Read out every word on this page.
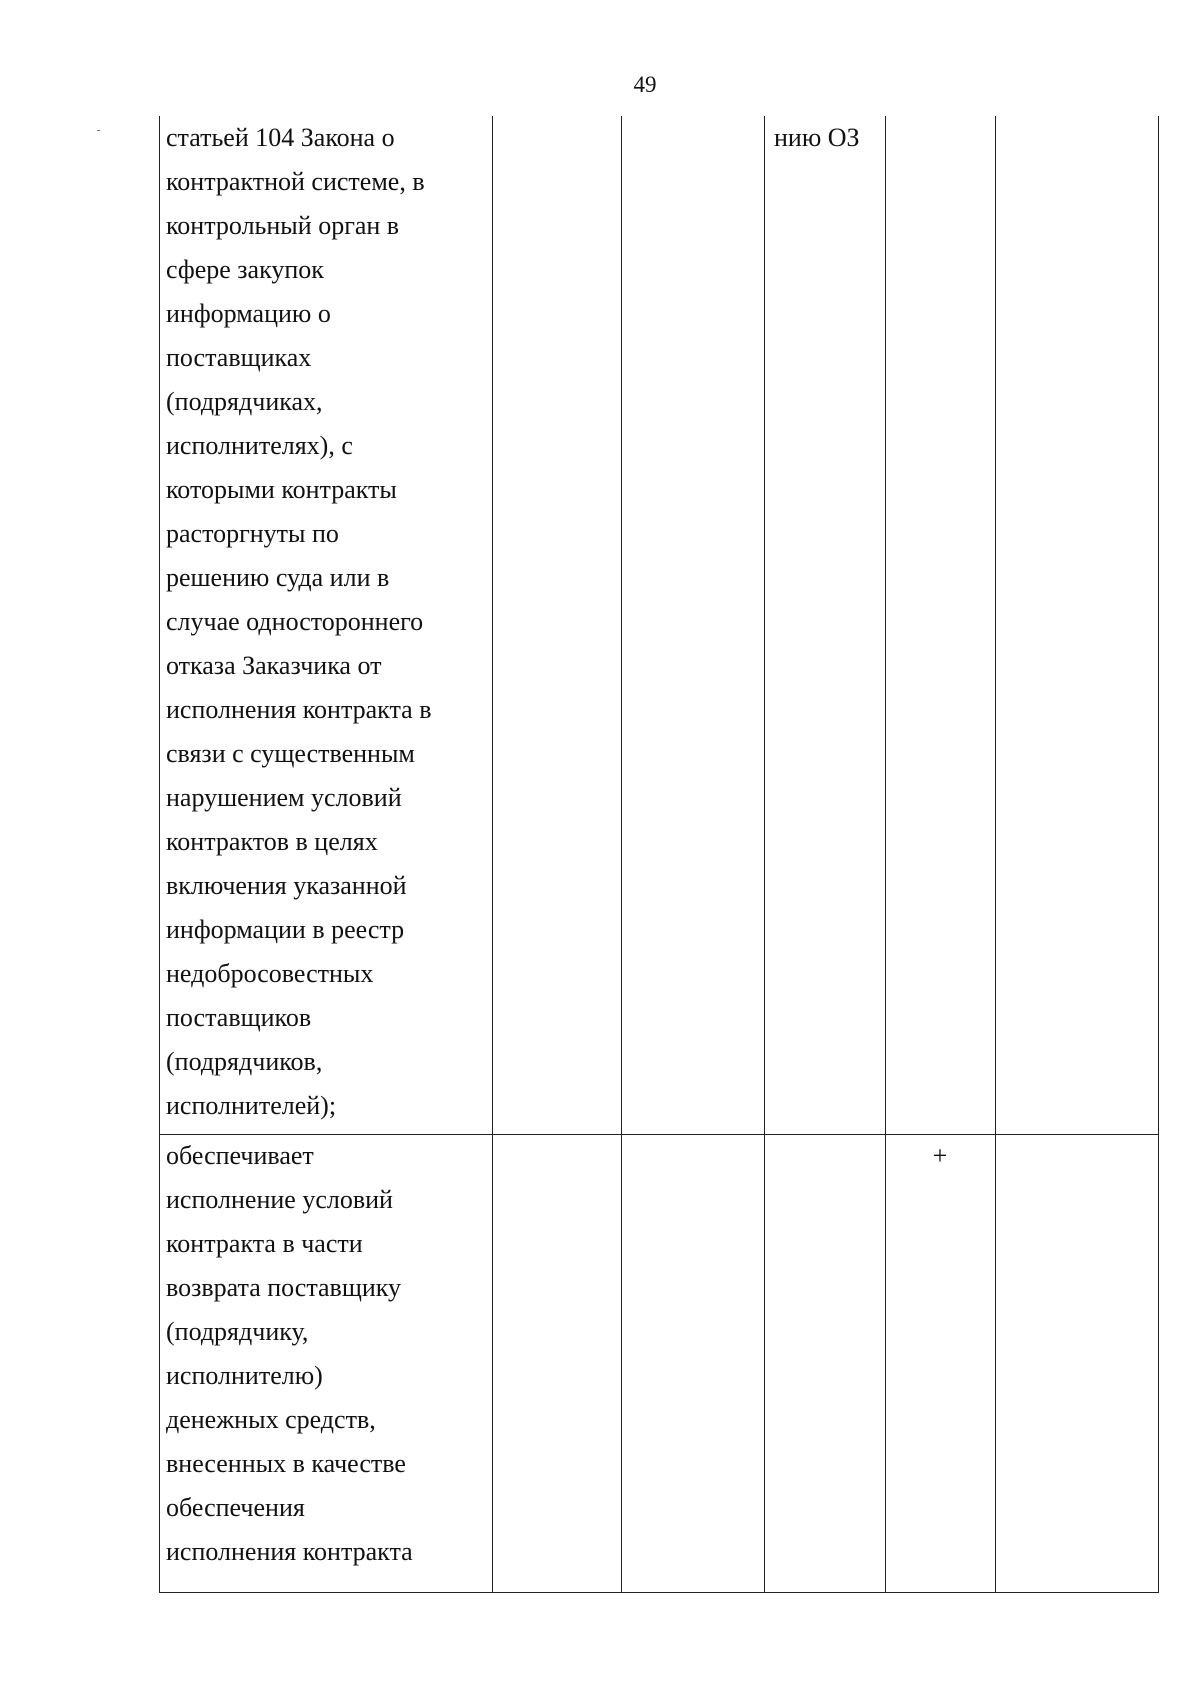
49
статьей 104 Закона о
контрактной системе, в
контрольный орган в
сфере закупок
информацию о
поставщиках
(подрядчиках,
исполнителях), с
которыми контракты
расторгнуты по
решению суда или в
случае одностороннего
отказа Заказчика от
исполнения контракта в
связи с существенным
нарушением условий
контрактов в целях
включения указанной
информации в реестр
недобросовестных
поставщиков
(подрядчиков,
исполнителей);
нию ОЗ
обеспечивает
исполнение условий
контракта в части
возврата поставщику
(подрядчику,
исполнителю)
денежных средств,
внесенных в качестве
обеспечения
исполнения контракта
+
